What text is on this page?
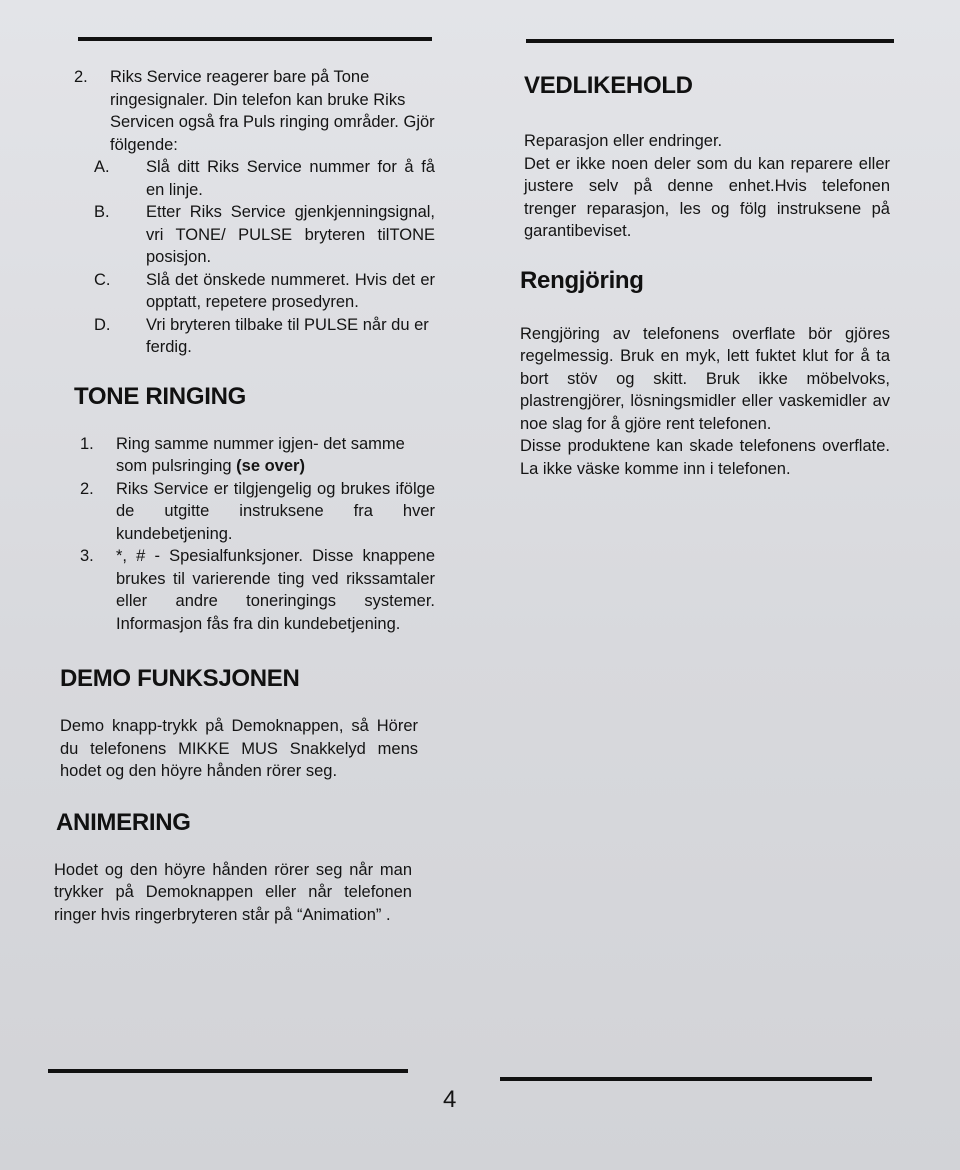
2.	Riks Service reagerer bare på Tone ringesignaler. Din telefon kan bruke Riks Servicen også fra Puls ringing områder. Gjör fölgende:
A.	Slå ditt Riks Service nummer for å få en linje.
B.	Etter Riks Service gjenkjenningsignal, vri TONE/ PULSE bryteren tilTONE posisjon.
C.	Slå det önskede nummeret. Hvis det er opptatt, repetere prosedyren.
D.	Vri bryteren tilbake til PULSE når du er ferdig.
TONE RINGING
1.	Ring samme nummer igjen- det samme som pulsringing (se over)
2.	Riks Service er tilgjengelig og brukes ifölge de utgitte instruksene fra hver kundebetjening.
3.	*, # - Spesialfunksjoner. Disse knappene brukes til varierende ting ved rikssamtaler eller andre toneringings systemer. Informasjon fås fra din kundebetjening.
DEMO FUNKSJONEN

Demo knapp-trykk på Demoknappen, så Hörer du telefonens MIKKE MUS Snakkelyd mens hodet og den höyre hånden rörer seg.

ANIMERING

Hodet og den höyre hånden rörer seg når man trykker på Demoknappen eller når telefonen ringer hvis ringerbryteren står på “Animation” .

VEDLIKEHOLD

Reparasjon eller endringer.

Det er ikke noen deler som du kan reparere eller justere selv på denne enhet.Hvis telefonen trenger reparasjon, les og fölg instruksene på garantibeviset.

Rengjöring

Rengjöring av telefonens overflate bör gjöres regelmessig. Bruk en myk, lett fuktet klut for å ta bort stöv og skitt. Bruk ikke möbelvoks, plastrengjörer, lösningsmidler eller vaskemidler av noe slag for å gjöre rent telefonen.

Disse produktene kan skade telefonens overflate. La ikke väske komme inn i telefonen.

4
